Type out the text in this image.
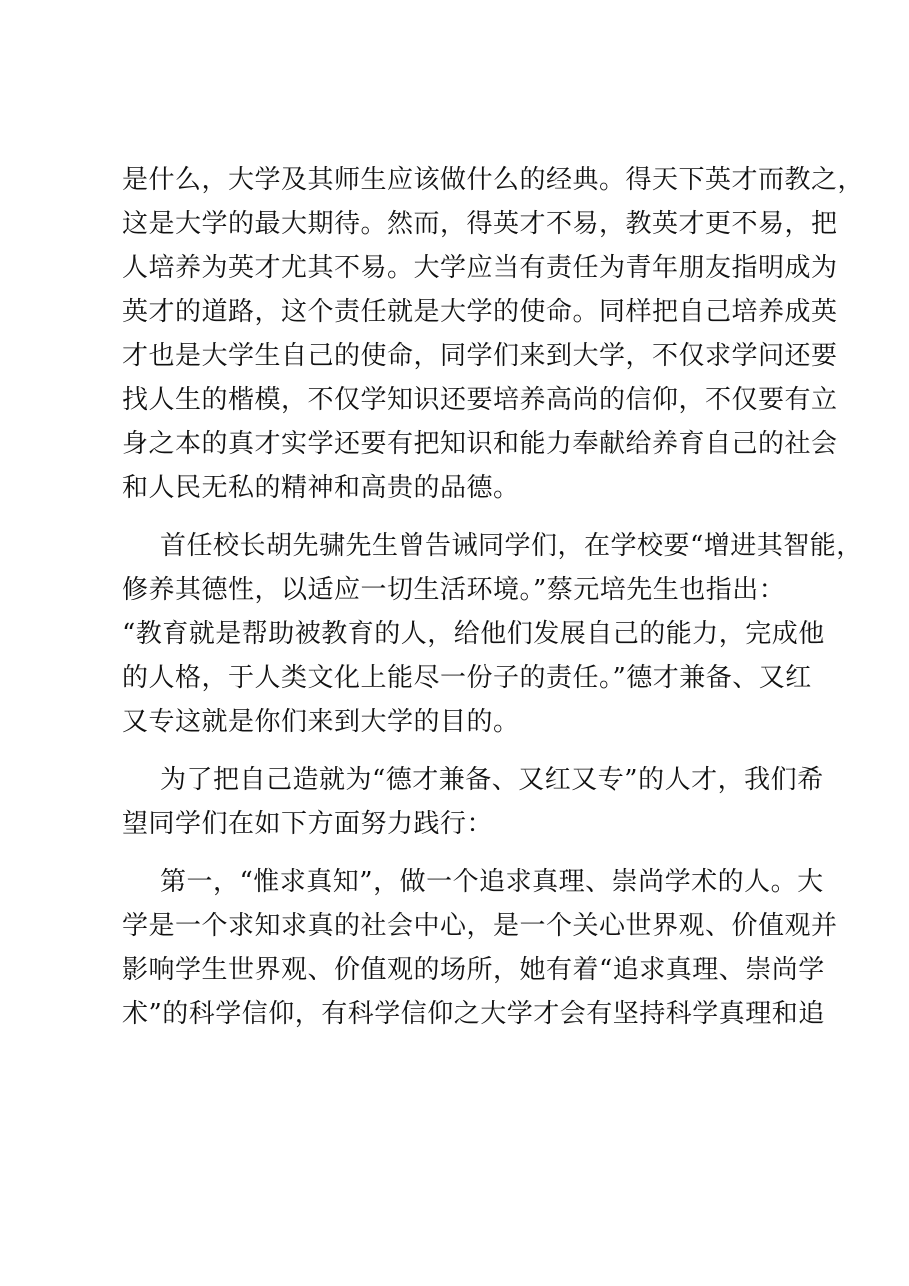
是什么，大学及其师生应该做什么的经典。得天下英才而教之，
这是大学的最大期待。然而，得英才不易，教英才更不易，把
人培养为英才尤其不易。大学应当有责任为青年朋友指明成为
英才的道路，这个责任就是大学的使命。同样把自己培养成英
才也是大学生自己的使命，同学们来到大学，不仅求学问还要
找人生的楷模，不仅学知识还要培养高尚的信仰，不仅要有立
身之本的真才实学还要有把知识和能力奉献给养育自己的社会
和人民无私的精神和高贵的品德。
首任校长胡先骕先生曾告诫同学们，在学校要“增进其智能，
修养其德性，以适应一切生活环境。”蔡元培先生也指出：
“教育就是帮助被教育的人，给他们发展自己的能力，完成他
的人格，于人类文化上能尽一份子的责任。”德才兼备、又红
又专这就是你们来到大学的目的。
为了把自己造就为“德才兼备、又红又专”的人才，我们希
望同学们在如下方面努力践行：
第一，“惟求真知”，做一个追求真理、崇尚学术的人。大
学是一个求知求真的社会中心，是一个关心世界观、价值观并
影响学生世界观、价值观的场所，她有着“追求真理、崇尚学
术”的科学信仰，有科学信仰之大学才会有坚持科学真理和追
